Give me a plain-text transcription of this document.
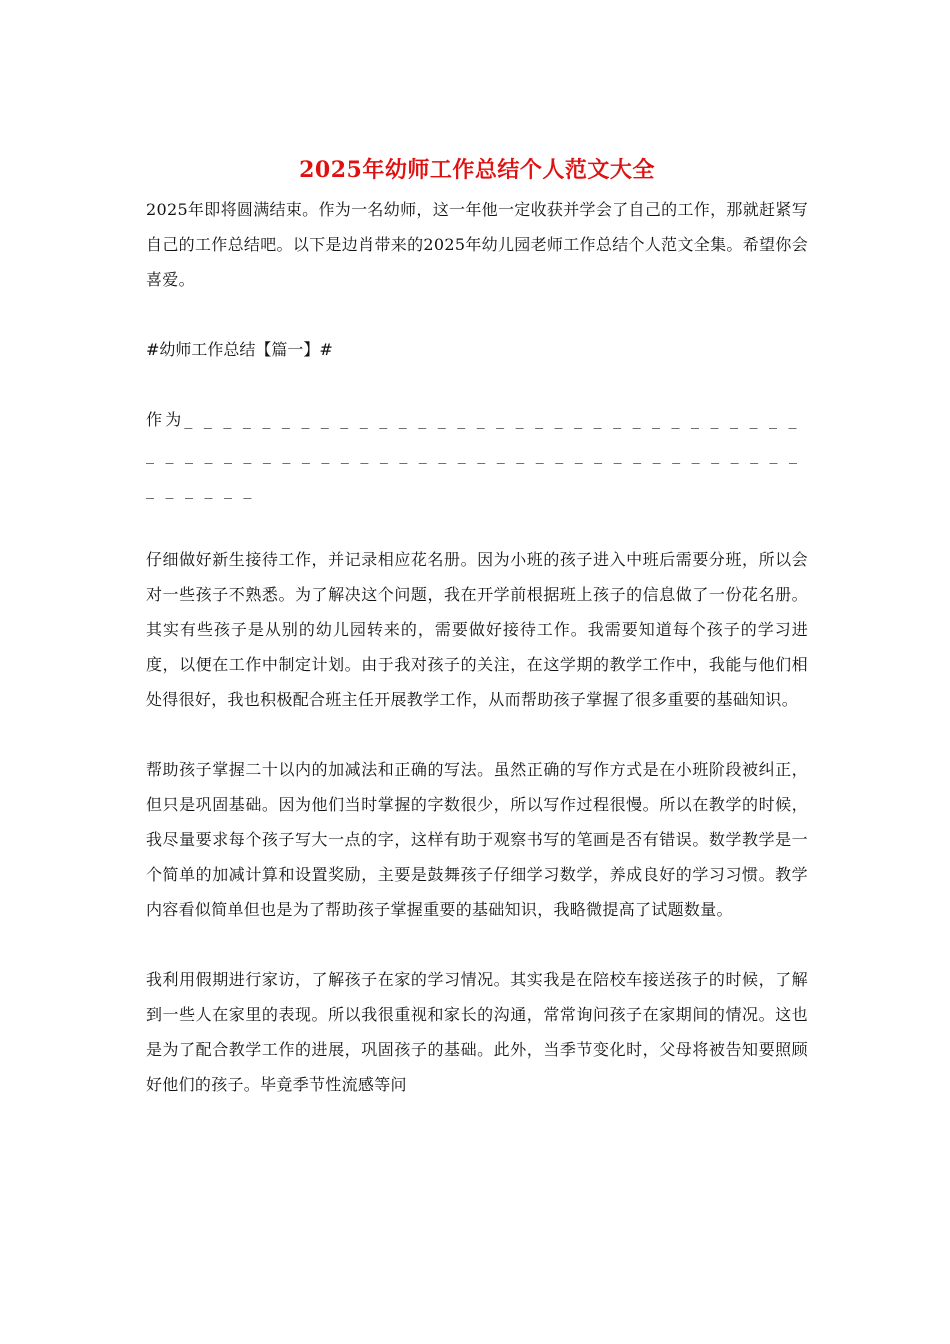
2025年幼师工作总结个人范文大全

2025年即将圆满结束。作为一名幼师，这一年他一定收获并学会了自己的工作，那就赶紧写自己的工作总结吧。以下是边肖带来的2025年幼儿园老师工作总结个人范文全集。希望你会喜爱。

#幼师工作总结【篇一】#

作为_ _ _ _ _ _ _ _ _ _ _ _ _ _ _ _ _ _ _ _ _ _ _ _ _ _ _ _ _ _ _ _ _ _ _ _ _ _ _ _ _ _ _ _ _ _ _ _ _ _ _ _ _ _ _ _ _ _ _ _ _ _ _ _ _ _ _ _ _ _ _ _

仔细做好新生接待工作，并记录相应花名册。因为小班的孩子进入中班后需要分班，所以会对一些孩子不熟悉。为了解决这个问题，我在开学前根据班上孩子的信息做了一份花名册。其实有些孩子是从别的幼儿园转来的，需要做好接待工作。我需要知道每个孩子的学习进度，以便在工作中制定计划。由于我对孩子的关注，在这学期的教学工作中，我能与他们相处得很好，我也积极配合班主任开展教学工作，从而帮助孩子掌握了很多重要的基础知识。

帮助孩子掌握二十以内的加减法和正确的写法。虽然正确的写作方式是在小班阶段被纠正，但只是巩固基础。因为他们当时掌握的字数很少，所以写作过程很慢。所以在教学的时候，我尽量要求每个孩子写大一点的字，这样有助于观察书写的笔画是否有错误。数学教学是一个简单的加减计算和设置奖励，主要是鼓舞孩子仔细学习数学，养成良好的学习习惯。教学内容看似简单但也是为了帮助孩子掌握重要的基础知识，我略微提高了试题数量。

我利用假期进行家访，了解孩子在家的学习情况。其实我是在陪校车接送孩子的时候，了解到一些人在家里的表现。所以我很重视和家长的沟通，常常询问孩子在家期间的情况。这也是为了配合教学工作的进展，巩固孩子的基础。此外，当季节变化时，父母将被告知要照顾好他们的孩子。毕竟季节性流感等问
